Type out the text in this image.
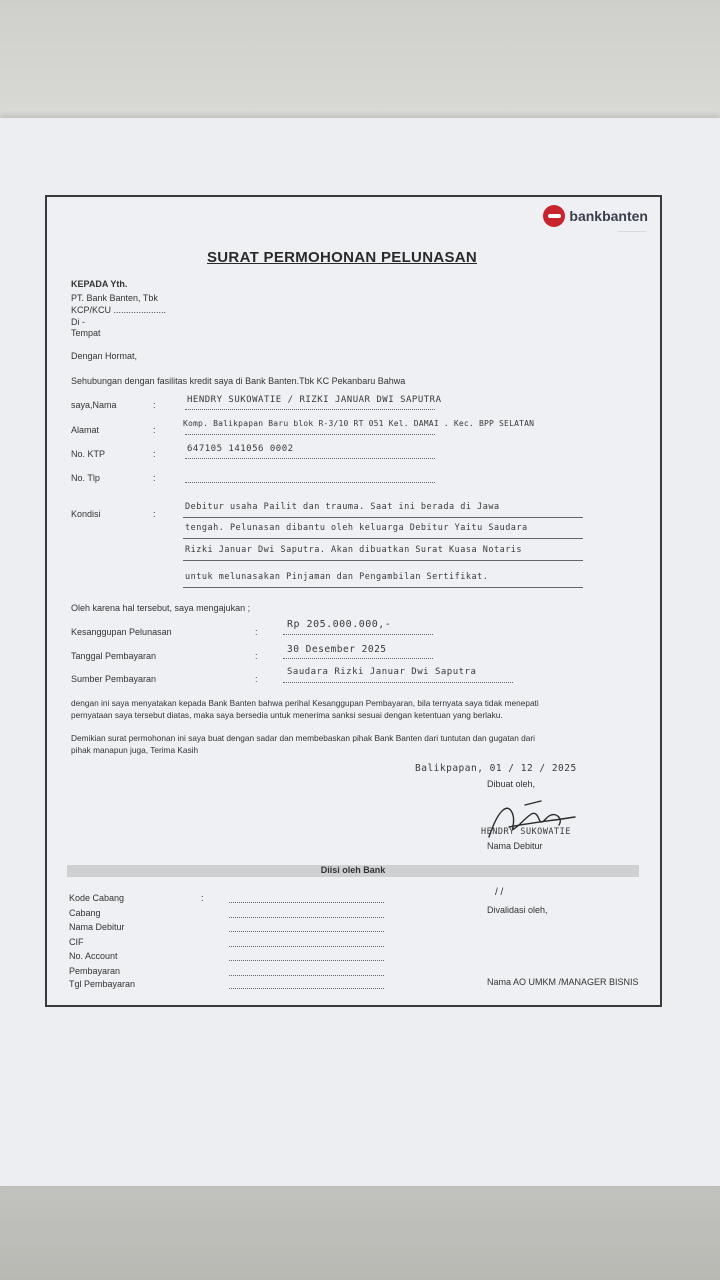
bankbanten
~~~~~~~~~~~~
SURAT PERMOHONAN PELUNASAN
KEPADA Yth.
PT. Bank Banten, Tbk
KCP/KCU .....................
Di -
Tempat
Dengan Hormat,
Sehubungan dengan fasilitas kredit saya di Bank Banten.Tbk KC Pekanbaru Bahwa
saya,Nama	:	HENDRY SUKOWATIE / RIZKI JANUAR DWI SAPUTRA
Alamat	:
Komp. Balikpapan Baru blok R-3/10 RT 051 Kel. DAMAI . Kec. BPP SELATAN
No. KTP	:	647105 141056 0002
No. Tlp	:
Kondisi	:
Debitur usaha Pailit dan trauma. Saat ini berada di Jawa
tengah. Pelunasan dibantu oleh keluarga Debitur Yaitu Saudara
Rizki Januar Dwi Saputra. Akan dibuatkan Surat Kuasa Notaris
untuk melunasakan Pinjaman dan Pengambilan Sertifikat.
Oleh karena hal tersebut, saya mengajukan ;
Kesanggupan Pelunasan	:
Rp 205.000.000,-
Tanggal Pembayaran	:
30 Desember 2025
Sumber Pembayaran	:
Saudara Rizki Januar Dwi Saputra
dengan ini saya menyatakan kepada Bank Banten bahwa perihal Kesanggupan Pembayaran, bila ternyata saya tidak menepati
pernyataan saya tersebut diatas, maka saya bersedia untuk menerima sanksi sesuai dengan ketentuan yang berlaku.
Demikian surat permohonan ini saya buat dengan sadar dan membebaskan pihak Bank Banten dari tuntutan dan gugatan dari
pihak manapun juga, Terima Kasih
Balikpapan, 01 / 12 / 2025
Dibuat oleh,
HENDRY SUKOWATIE
Nama Debitur
Diisi oleh Bank
Kode Cabang	:
Cabang
Nama Debitur
CIF
No. Account
Pembayaran
Tgl Pembayaran
/ /
Divalidasi oleh,
Nama AO UMKM /MANAGER BISNIS
